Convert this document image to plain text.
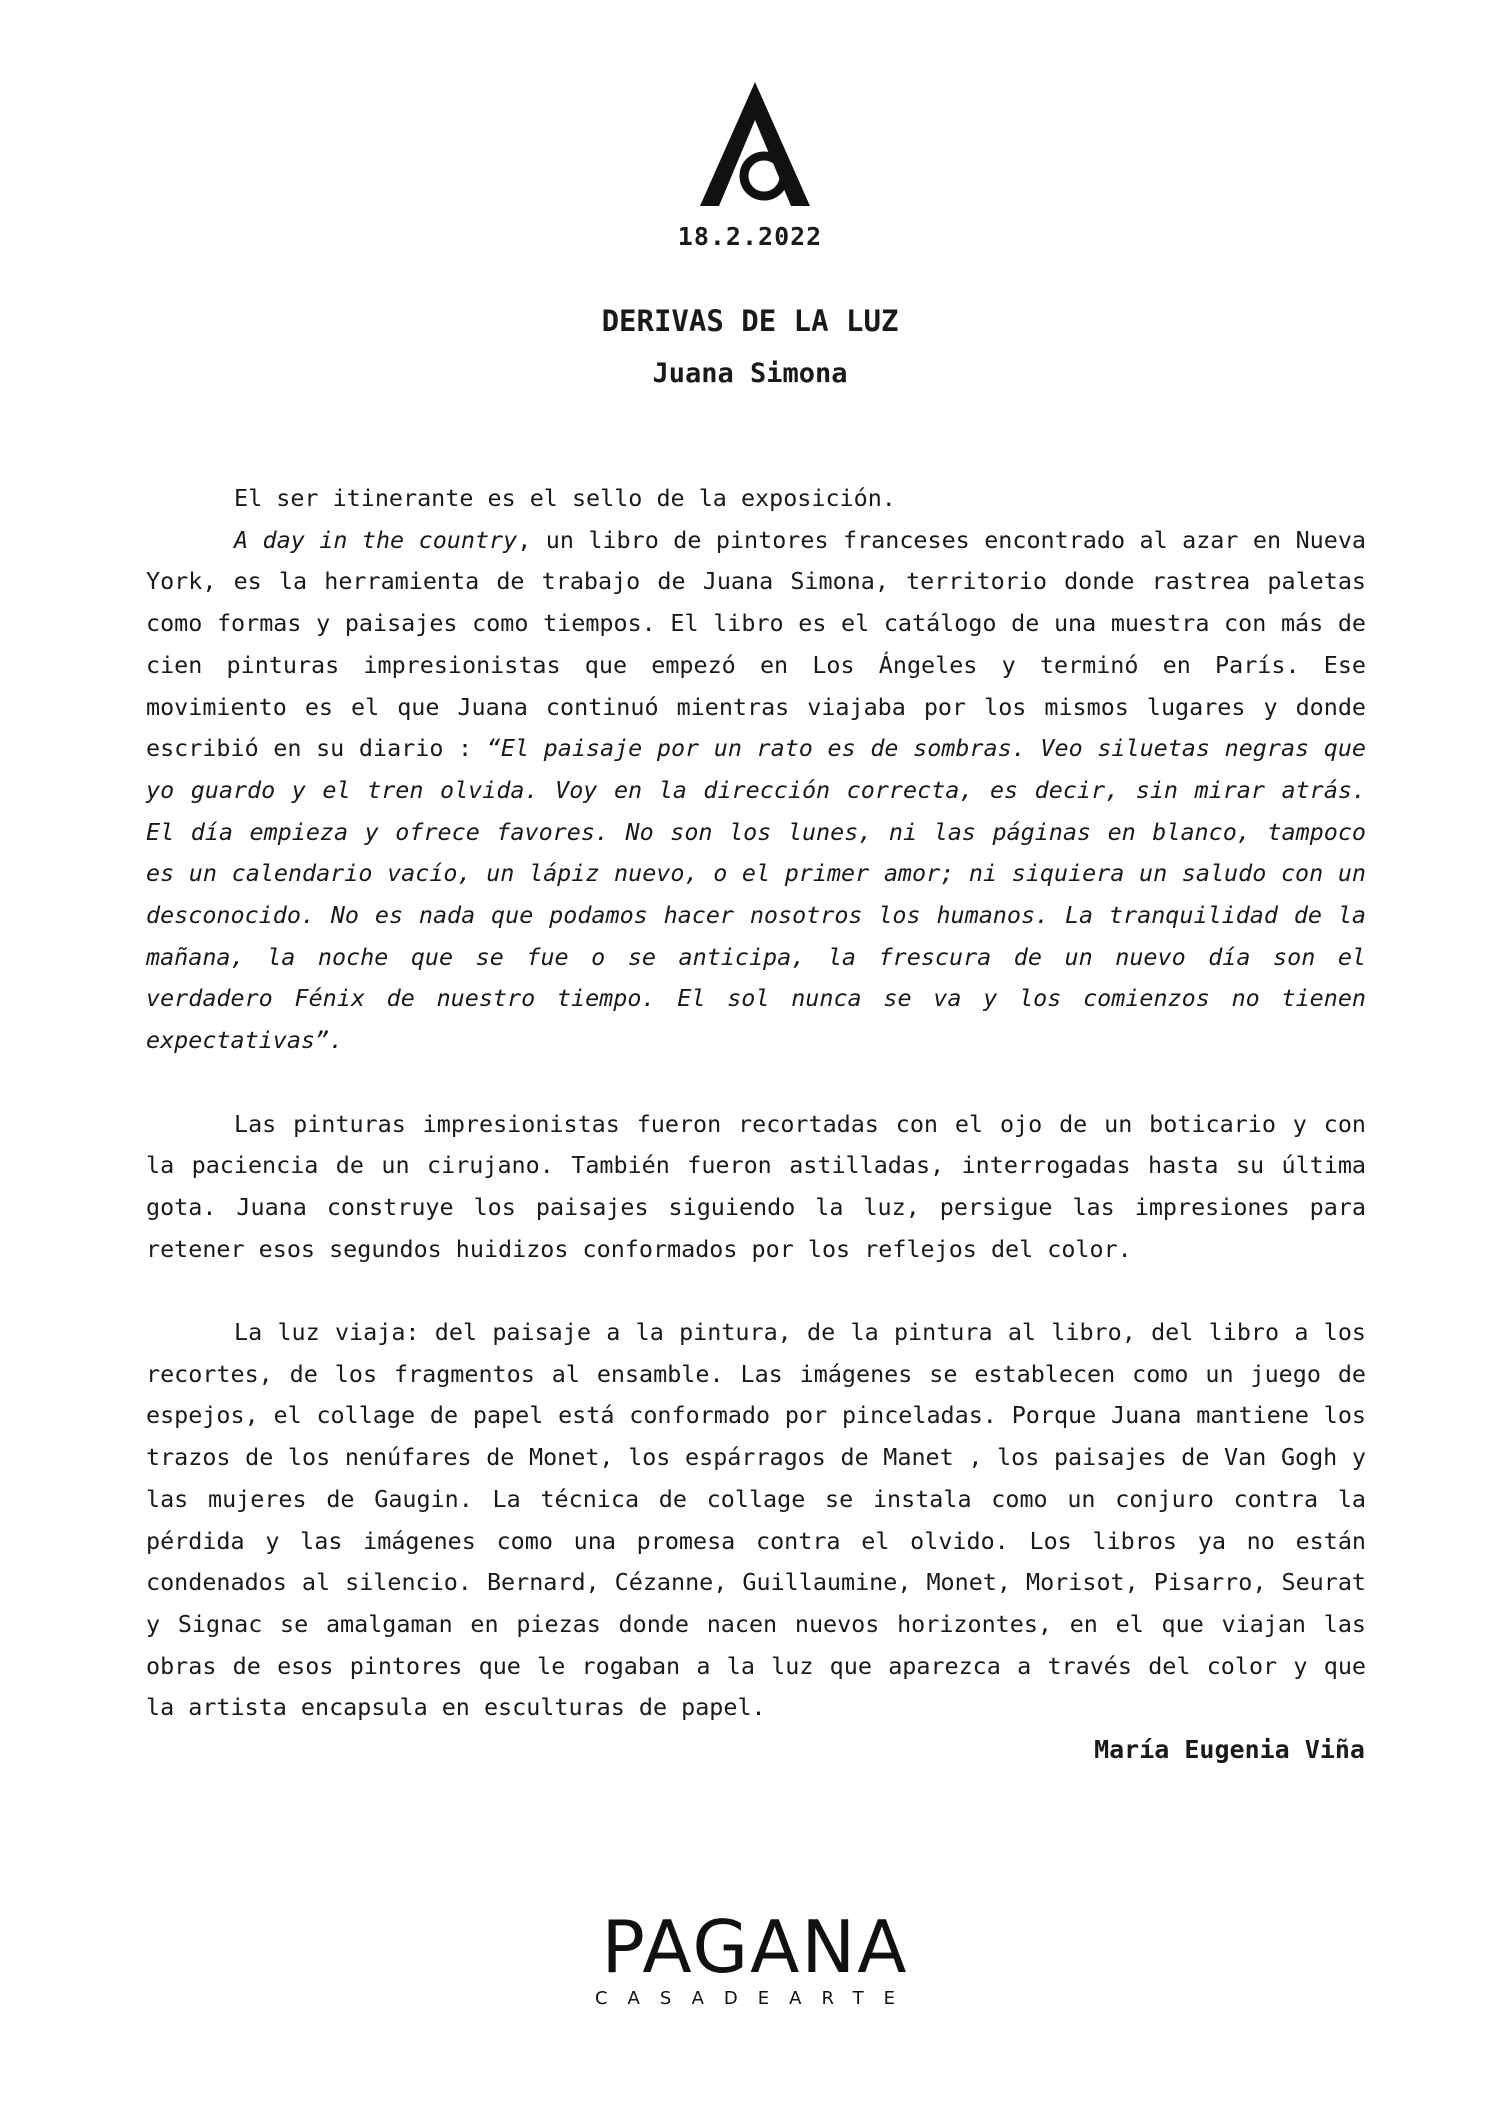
18.2.2022
DERIVAS DE LA LUZ
Juana Simona

El ser itinerante es el sello de la exposición.

A day in the country, un libro de pintores franceses encontrado al azar en Nueva York, es la herramienta de trabajo de Juana Simona, territorio donde rastrea paletas como formas y paisajes como tiempos. El libro es el catálogo de una muestra con más de cien pinturas impresionistas que empezó en Los Ángeles y terminó en París. Ese movimiento es el que Juana continuó mientras viajaba por los mismos lugares y donde escribió en su diario : “El paisaje por un rato es de sombras. Veo siluetas negras que yo guardo y el tren olvida. Voy en la dirección correcta, es decir, sin mirar atrás. El día empieza y ofrece favores. No son los lunes, ni las páginas en blanco, tampoco es un calendario vacío, un lápiz nuevo, o el primer amor; ni siquiera un saludo con un desconocido. No es nada que podamos hacer nosotros los humanos. La tranquilidad de la mañana, la noche que se fue o se anticipa, la frescura de un nuevo día son el verdadero Fénix de nuestro tiempo. El sol nunca se va y los comienzos no tienen expectativas”.

Las pinturas impresionistas fueron recortadas con el ojo de un boticario y con la paciencia de un cirujano. También fueron astilladas, interrogadas hasta su última gota. Juana construye los paisajes siguiendo la luz, persigue las impresiones para retener esos segundos huidizos conformados por los reflejos del color.

La luz viaja: del paisaje a la pintura, de la pintura al libro, del libro a los recortes, de los fragmentos al ensamble. Las imágenes se establecen como un juego de espejos, el collage de papel está conformado por pinceladas. Porque Juana mantiene los trazos de los nenúfares de Monet, los espárragos de Manet , los paisajes de Van Gogh y las mujeres de Gaugin. La técnica de collage se instala como un conjuro contra la pérdida y las imágenes como una promesa contra el olvido. Los libros ya no están condenados al silencio. Bernard, Cézanne, Guillaumine, Monet, Morisot, Pisarro, Seurat y Signac se amalgaman en piezas donde nacen nuevos horizontes, en el que viajan las obras de esos pintores que le rogaban a la luz que aparezca a través del color y que la artista encapsula en esculturas de papel.

María Eugenia Viña
PAGANA
CASADEARTE
